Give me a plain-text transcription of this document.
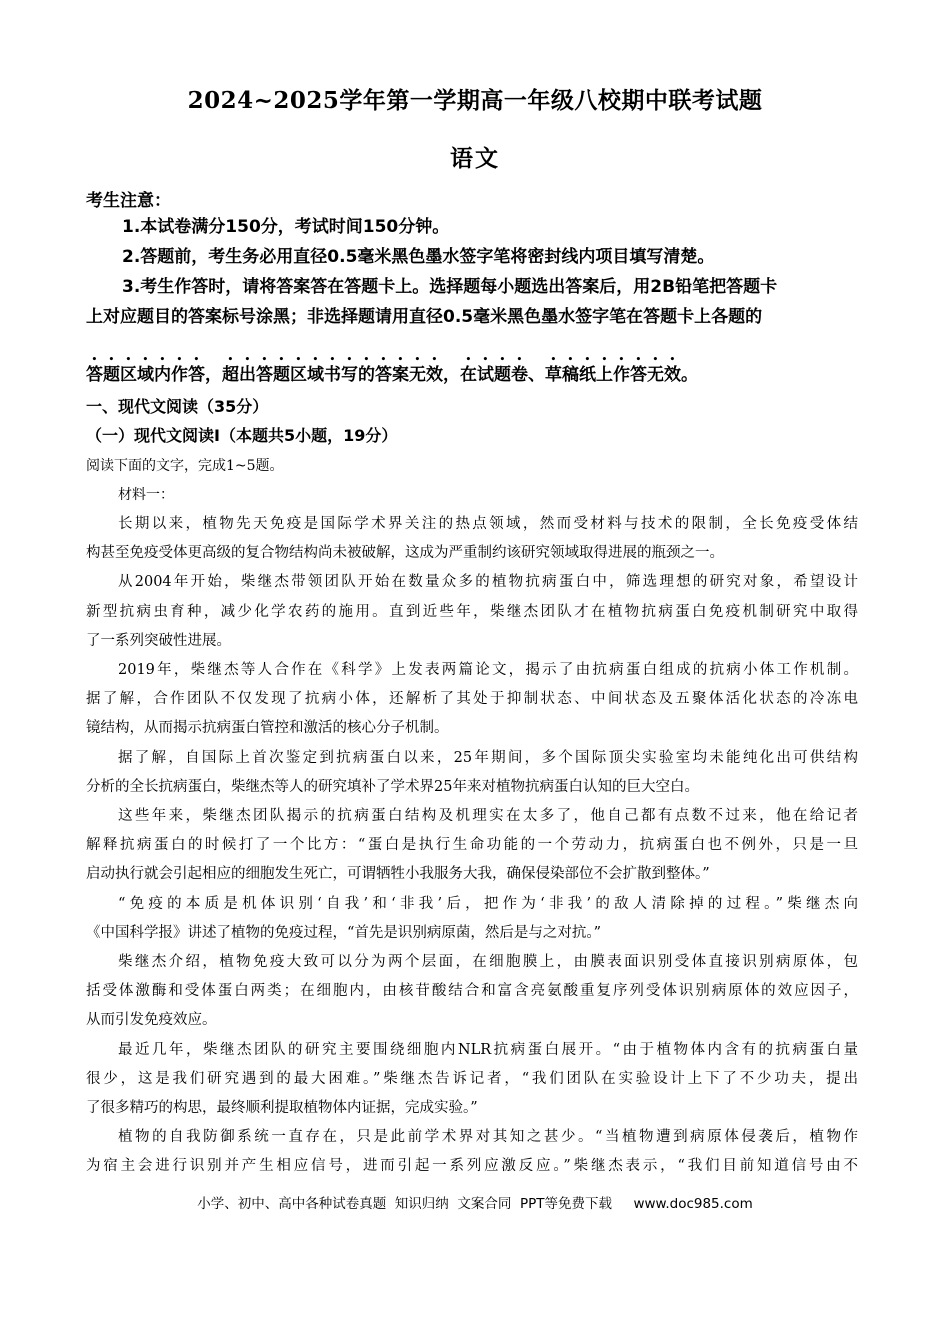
2024~2025学年第一学期高一年级八校期中联考试题
语文
考生注意：
1.本试卷满分150分，考试时间150分钟。
2.答题前，考生务必用直径0.5毫米黑色墨水签字笔将密封线内项目填写清楚。
3.考生作答时，请将答案答在答题卡上。选择题每小题选出答案后，用2B铅笔把答题卡
上对应题目的答案标号涂黑；非选择题请用直径0.5毫米黑色墨水签字笔在答题卡上各题的
答题区域内作答，超出答题区域书写的答案无效，在试题卷、草稿纸上作答无效。
一、现代文阅读（35分）
（一）现代文阅读Ⅰ（本题共5小题，19分）
阅读下面的文字，完成1~5题。
材料一：
长期以来，植物先天免疫是国际学术界关注的热点领域，然而受材料与技术的限制，全长免疫受体结
构甚至免疫受体更高级的复合物结构尚未被破解，这成为严重制约该研究领域取得进展的瓶颈之一。
从2004年开始，柴继杰带领团队开始在数量众多的植物抗病蛋白中，筛选理想的研究对象，希望设计
新型抗病虫育种，减少化学农药的施用。直到近些年，柴继杰团队才在植物抗病蛋白免疫机制研究中取得
了一系列突破性进展。
2019年，柴继杰等人合作在《科学》上发表两篇论文，揭示了由抗病蛋白组成的抗病小体工作机制。
据了解，合作团队不仅发现了抗病小体，还解析了其处于抑制状态、中间状态及五聚体活化状态的冷冻电
镜结构，从而揭示抗病蛋白管控和激活的核心分子机制。
据了解，自国际上首次鉴定到抗病蛋白以来，25年期间，多个国际顶尖实验室均未能纯化出可供结构
分析的全长抗病蛋白，柴继杰等人的研究填补了学术界25年来对植物抗病蛋白认知的巨大空白。
这些年来，柴继杰团队揭示的抗病蛋白结构及机理实在太多了，他自己都有点数不过来，他在给记者
解释抗病蛋白的时候打了一个比方：“蛋白是执行生命功能的一个劳动力，抗病蛋白也不例外，只是一旦
启动执行就会引起相应的细胞发生死亡，可谓牺牲小我服务大我，确保侵染部位不会扩散到整体。”
“免疫的本质是机体识别‘自我’和‘非我’后，把作为‘非我’的敌人清除掉的过程。”柴继杰向
《中国科学报》讲述了植物的免疫过程，“首先是识别病原菌，然后是与之对抗。”
柴继杰介绍，植物免疫大致可以分为两个层面，在细胞膜上，由膜表面识别受体直接识别病原体，包
括受体激酶和受体蛋白两类；在细胞内，由核苷酸结合和富含亮氨酸重复序列受体识别病原体的效应因子，
从而引发免疫效应。
最近几年，柴继杰团队的研究主要围绕细胞内NLR抗病蛋白展开。“由于植物体内含有的抗病蛋白量
很少，这是我们研究遇到的最大困难。”柴继杰告诉记者，“我们团队在实验设计上下了不少功夫，提出
了很多精巧的构思，最终顺利提取植物体内证据，完成实验。”
植物的自我防御系统一直存在，只是此前学术界对其知之甚少。“当植物遭到病原体侵袭后，植物作
为宿主会进行识别并产生相应信号，进而引起一系列应激反应。”柴继杰表示，“我们目前知道信号由不
小学、初中、高中各种试卷真题  知识归纳  文案合同  PPT等免费下载     www.doc985.com
